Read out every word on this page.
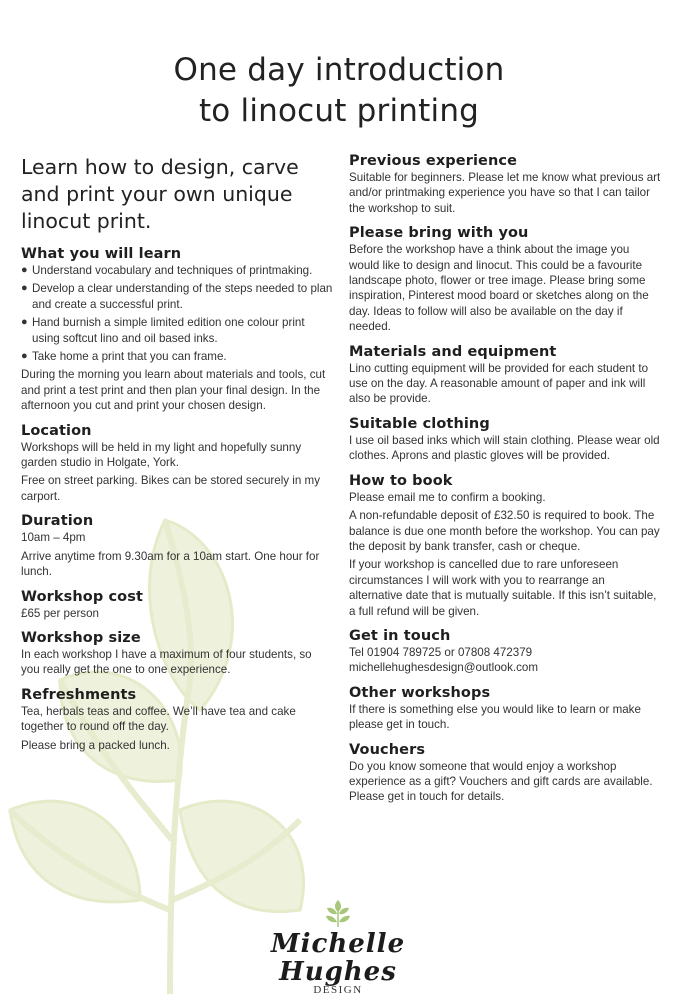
One day introduction
to linocut printing

Learn how to design, carve and print your own unique linocut print.

What you will learn
● Understand vocabulary and techniques of printmaking.
● Develop a clear understanding of the steps needed to plan and create a successful print.
● Hand burnish a simple limited edition one colour print using softcut lino and oil based inks.
● Take home a print that you can frame.

During the morning you learn about materials and tools, cut and print a test print and then plan your final design. In the afternoon you cut and print your chosen design.

Location

Workshops will be held in my light and hopefully sunny garden studio in Holgate, York.

Free on street parking. Bikes can be stored securely in my carport.

Duration

10am – 4pm

Arrive anytime from 9.30am for a 10am start. One hour for lunch.

Workshop cost

£65 per person

Workshop size

In each workshop I have a maximum of four students, so you really get the one to one experience.

Refreshments

Tea, herbals teas and coffee. We’ll have tea and cake together to round off the day.

Please bring a packed lunch.

Previous experience

Suitable for beginners. Please let me know what previous art and/or printmaking experience you have so that I can tailor the workshop to suit.

Please bring with you

Before the workshop have a think about the image you would like to design and linocut. This could be a favourite landscape photo, flower or tree image. Please bring some inspiration, Pinterest mood board or sketches along on the day. Ideas to follow will also be available on the day if needed.

Materials and equipment

Lino cutting equipment will be provided for each student to use on the day. A reasonable amount of paper and ink will also be provide.

Suitable clothing

I use oil based inks which will stain clothing. Please wear old clothes. Aprons and plastic gloves will be provided.

How to book

Please email me to confirm a booking.

A non-refundable deposit of £32.50 is required to book. The balance is due one month before the workshop. You can pay the deposit by bank transfer, cash or cheque.

If your workshop is cancelled due to rare unforeseen circumstances I will work with you to rearrange an alternative date that is mutually suitable. If this isn’t suitable, a full refund will be given.

Get in touch

Tel 01904 789725 or 07808 472379

michellehughesdesign@outlook.com

Other workshops

If there is something else you would like to learn or make please get in touch.

Vouchers

Do you know someone that would enjoy a workshop experience as a gift? Vouchers and gift cards are available. Please get in touch for details.

Michelle Hughes
DESIGN
